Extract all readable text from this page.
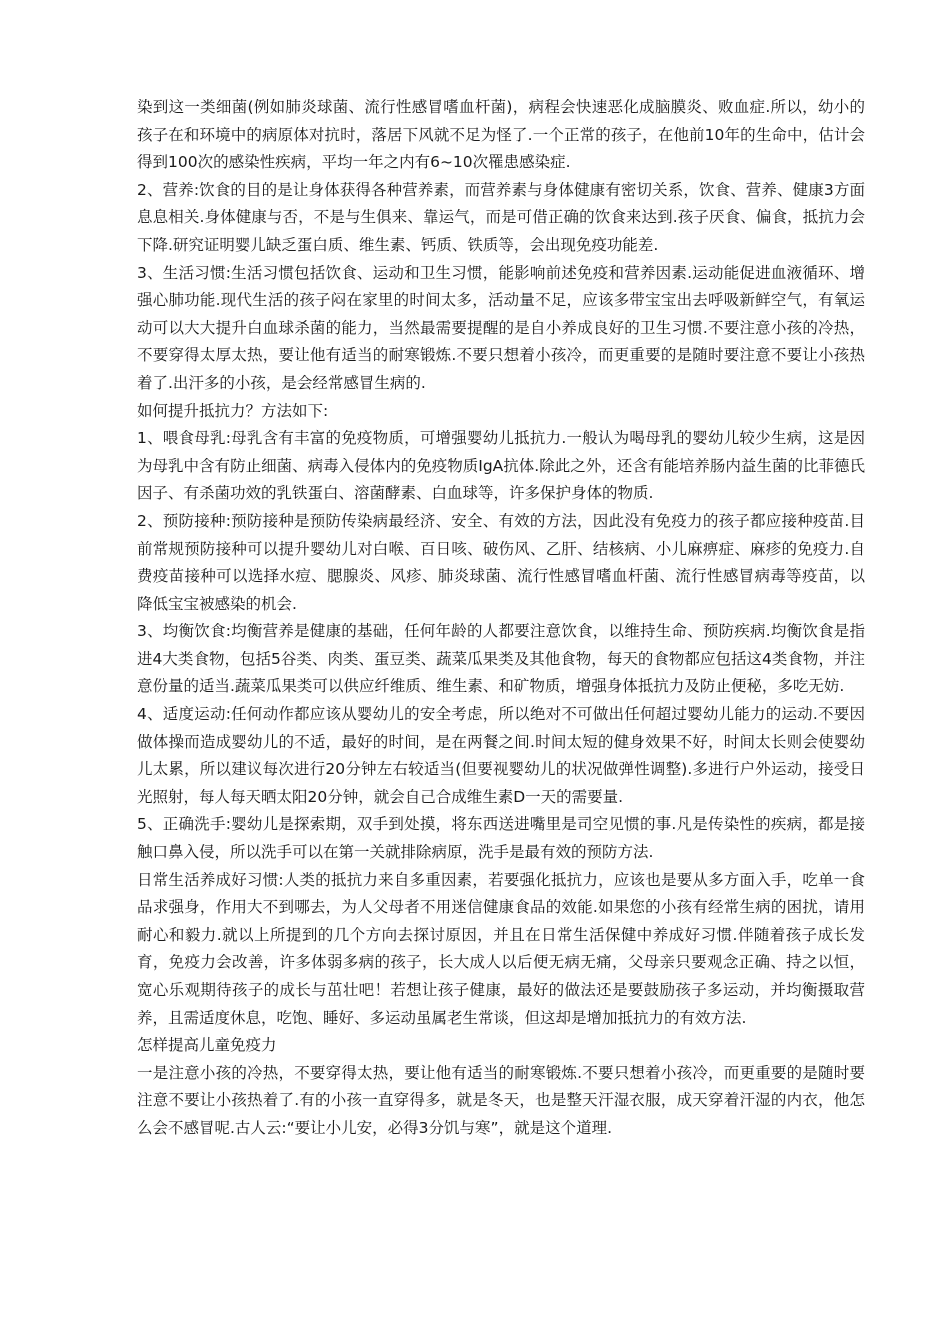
染到这一类细菌(例如肺炎球菌、流行性感冒嗜血杆菌)，病程会快速恶化成脑膜炎、败血症.所以，幼小的孩子在和环境中的病原体对抗时，落居下风就不足为怪了.一个正常的孩子，在他前10年的生命中，估计会得到100次的感染性疾病，平均一年之内有6~10次罹患感染症.

2、营养:饮食的目的是让身体获得各种营养素，而营养素与身体健康有密切关系，饮食、营养、健康3方面息息相关.身体健康与否，不是与生俱来、靠运气，而是可借正确的饮食来达到.孩子厌食、偏食，抵抗力会下降.研究证明婴儿缺乏蛋白质、维生素、钙质、铁质等，会出现免疫功能差.

3、生活习惯:生活习惯包括饮食、运动和卫生习惯，能影响前述免疫和营养因素.运动能促进血液循环、增强心肺功能.现代生活的孩子闷在家里的时间太多，活动量不足，应该多带宝宝出去呼吸新鲜空气，有氧运动可以大大提升白血球杀菌的能力，当然最需要提醒的是自小养成良好的卫生习惯.不要注意小孩的冷热，不要穿得太厚太热，要让他有适当的耐寒锻炼.不要只想着小孩冷，而更重要的是随时要注意不要让小孩热着了.出汗多的小孩，是会经常感冒生病的.

如何提升抵抗力？方法如下:

1、喂食母乳:母乳含有丰富的免疫物质，可增强婴幼儿抵抗力.一般认为喝母乳的婴幼儿较少生病，这是因为母乳中含有防止细菌、病毒入侵体内的免疫物质IgA抗体.除此之外，还含有能培养肠内益生菌的比菲德氏因子、有杀菌功效的乳铁蛋白、溶菌酵素、白血球等，许多保护身体的物质.

2、预防接种:预防接种是预防传染病最经济、安全、有效的方法，因此没有免疫力的孩子都应接种疫苗.目前常规预防接种可以提升婴幼儿对白喉、百日咳、破伤风、乙肝、结核病、小儿麻痹症、麻疹的免疫力.自费疫苗接种可以选择水痘、腮腺炎、风疹、肺炎球菌、流行性感冒嗜血杆菌、流行性感冒病毒等疫苗，以降低宝宝被感染的机会.

3、均衡饮食:均衡营养是健康的基础，任何年龄的人都要注意饮食，以维持生命、预防疾病.均衡饮食是指进4大类食物，包括5谷类、肉类、蛋豆类、蔬菜瓜果类及其他食物，每天的食物都应包括这4类食物，并注意份量的适当.蔬菜瓜果类可以供应纤维质、维生素、和矿物质，增强身体抵抗力及防止便秘，多吃无妨.

4、适度运动:任何动作都应该从婴幼儿的安全考虑，所以绝对不可做出任何超过婴幼儿能力的运动.不要因做体操而造成婴幼儿的不适，最好的时间，是在两餐之间.时间太短的健身效果不好，时间太长则会使婴幼儿太累，所以建议每次进行20分钟左右较适当(但要视婴幼儿的状况做弹性调整).多进行户外运动，接受日光照射，每人每天晒太阳20分钟，就会自己合成维生素D一天的需要量.

5、正确洗手:婴幼儿是探索期，双手到处摸，将东西送进嘴里是司空见惯的事.凡是传染性的疾病，都是接触口鼻入侵，所以洗手可以在第一关就排除病原，洗手是最有效的预防方法.

日常生活养成好习惯:人类的抵抗力来自多重因素，若要强化抵抗力，应该也是要从多方面入手，吃单一食品求强身，作用大不到哪去，为人父母者不用迷信健康食品的效能.如果您的小孩有经常生病的困扰，请用耐心和毅力.就以上所提到的几个方向去探讨原因，并且在日常生活保健中养成好习惯.伴随着孩子成长发育，免疫力会改善，许多体弱多病的孩子，长大成人以后便无病无痛，父母亲只要观念正确、持之以恒，宽心乐观期待孩子的成长与茁壮吧！若想让孩子健康，最好的做法还是要鼓励孩子多运动，并均衡摄取营养，且需适度休息，吃饱、睡好、多运动虽属老生常谈，但这却是增加抵抗力的有效方法.

怎样提高儿童免疫力

一是注意小孩的冷热，不要穿得太热，要让他有适当的耐寒锻炼.不要只想着小孩冷，而更重要的是随时要注意不要让小孩热着了.有的小孩一直穿得多，就是冬天，也是整天汗湿衣服，成天穿着汗湿的内衣，他怎么会不感冒呢.古人云:“要让小儿安，必得3分饥与寒”，就是这个道理.
